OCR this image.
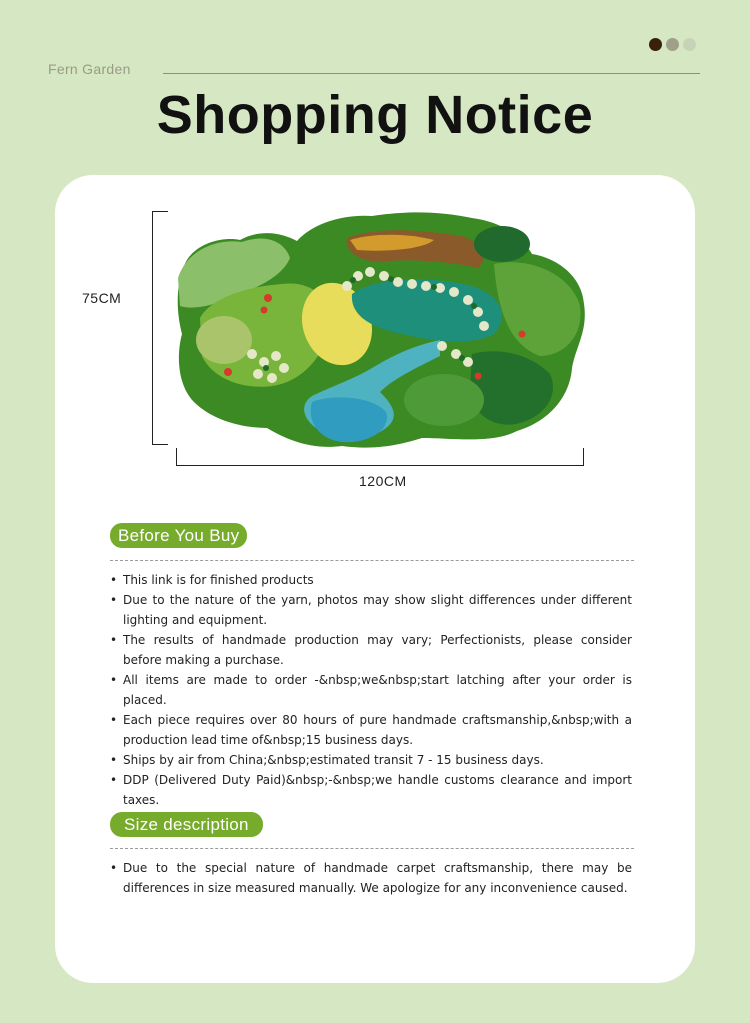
Fern Garden
Shopping Notice
75CM
120CM
Before You Buy
• This link is for finished products
• Due to the nature of the yarn, photos may show slight differences under different lighting and equipment.
• The results of handmade production may vary; Perfectionists, please consider before making a purchase.
• All items are made to order -&nbsp;we&nbsp;start latching after your order is placed.
• Each piece requires over 80 hours of pure handmade craftsmanship,&nbsp;with a production lead time of&nbsp;15 business days.
• Ships by air from China;&nbsp;estimated transit 7 - 15 business days.
• DDP (Delivered Duty Paid)&nbsp;-&nbsp;we handle customs clearance and import taxes.
Size description
• Due to the special nature of handmade carpet craftsmanship, there may be differences in size measured manually. We apologize for any inconvenience caused.
